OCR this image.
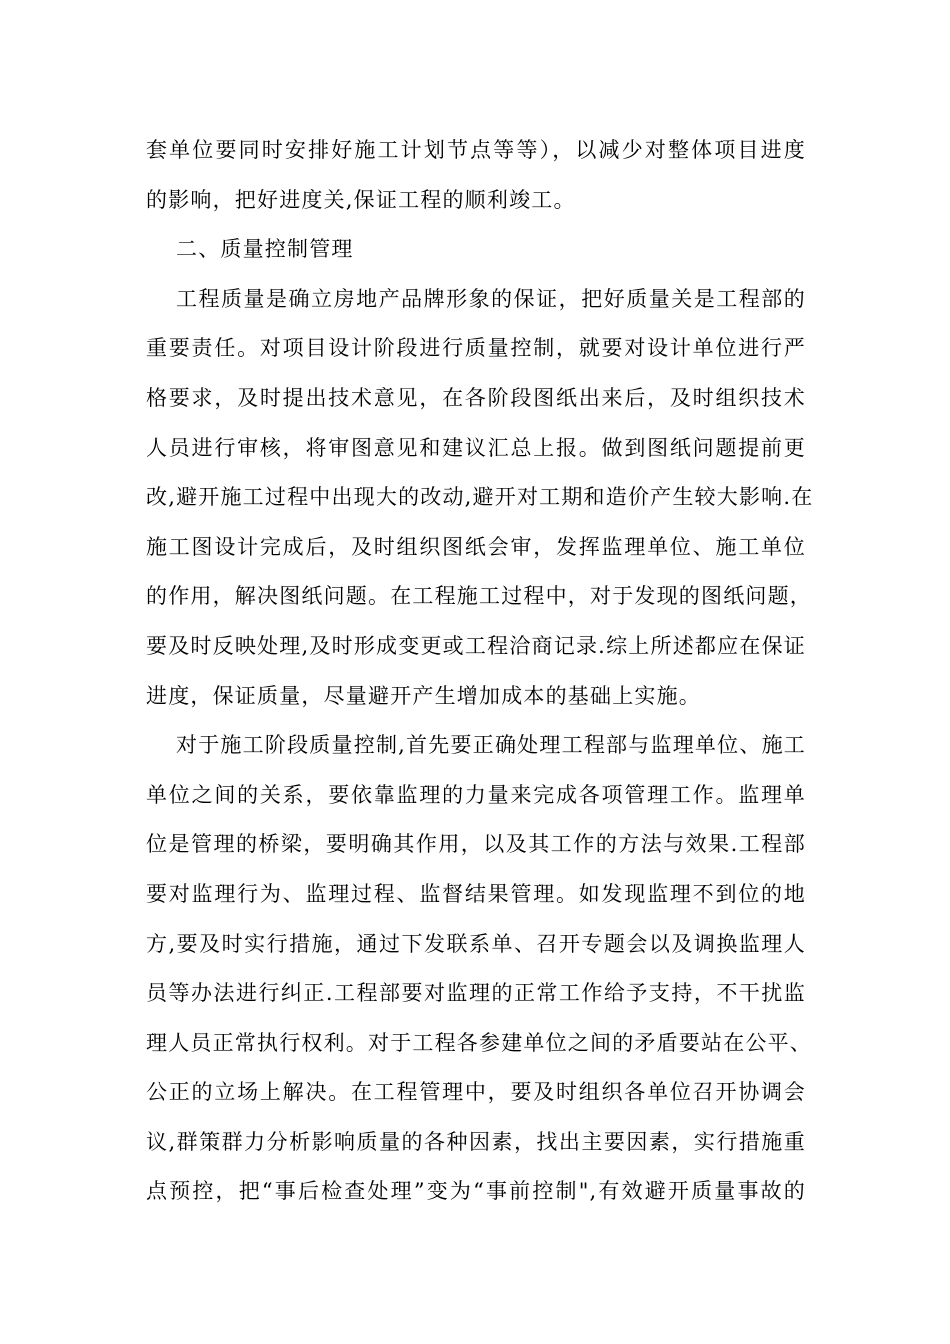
套单位要同时安排好施工计划节点等等），以减少对整体项目进度
的影响，把好进度关,保证工程的顺利竣工。
二、质量控制管理
工程质量是确立房地产品牌形象的保证，把好质量关是工程部的
重要责任。对项目设计阶段进行质量控制，就要对设计单位进行严
格要求，及时提出技术意见，在各阶段图纸出来后，及时组织技术
人员进行审核，将审图意见和建议汇总上报。做到图纸问题提前更
改,避开施工过程中出现大的改动,避开对工期和造价产生较大影响.在
施工图设计完成后，及时组织图纸会审，发挥监理单位、施工单位
的作用，解决图纸问题。在工程施工过程中，对于发现的图纸问题，
要及时反映处理,及时形成变更或工程洽商记录.综上所述都应在保证
进度，保证质量，尽量避开产生增加成本的基础上实施。
对于施工阶段质量控制,首先要正确处理工程部与监理单位、施工
单位之间的关系，要依靠监理的力量来完成各项管理工作。监理单
位是管理的桥梁，要明确其作用，以及其工作的方法与效果.工程部
要对监理行为、监理过程、监督结果管理。如发现监理不到位的地
方,要及时实行措施，通过下发联系单、召开专题会以及调换监理人
员等办法进行纠正.工程部要对监理的正常工作给予支持，不干扰监
理人员正常执行权利。对于工程各参建单位之间的矛盾要站在公平、
公正的立场上解决。在工程管理中，要及时组织各单位召开协调会
议,群策群力分析影响质量的各种因素，找出主要因素，实行措施重
点预控，把“事后检查处理”变为“事前控制",有效避开质量事故的
